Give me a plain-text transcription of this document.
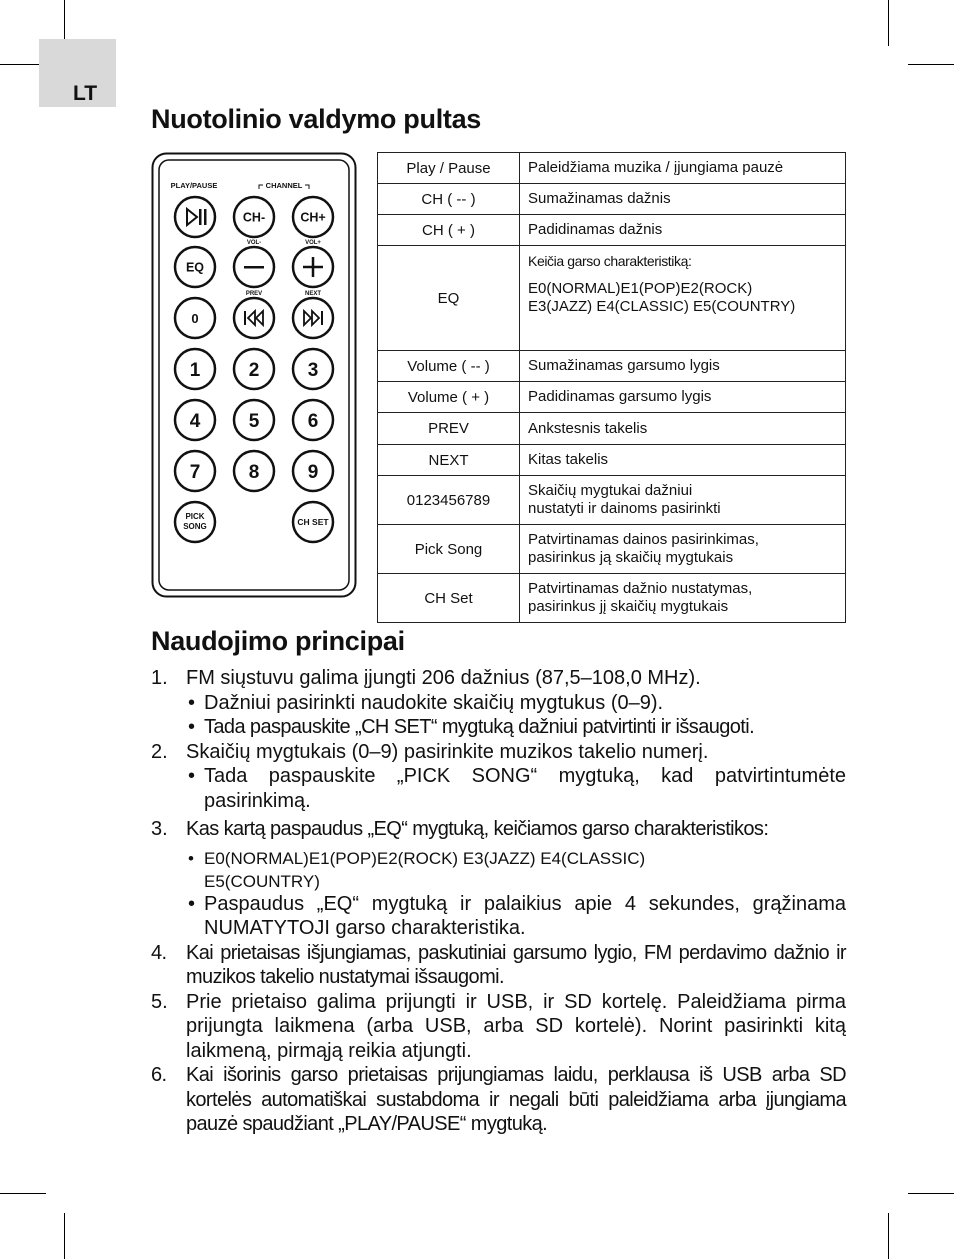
LT
Nuotolinio valdymo pultas
PLAY/PAUSE	CHANNEL
CH-	CH+
VOL-	VOL+
EQ
PREV	NEXT
0
1	2	3
4	5	6
7	8	9
PICK
SONG	CH SET
Play / Pause	Paleidžiama muzika / įjungiama pauzė
CH ( -- )	Sumažinamas dažnis
CH ( + )	Padidinamas dažnis
EQ	Keičia garso charakteristiką:
E0(NORMAL)E1(POP)E2(ROCK)
E3(JAZZ) E4(CLASSIC) E5(COUNTRY)

Volume ( -- )	Sumažinamas garsumo lygis
Volume ( + )	Padidinamas garsumo lygis
PREV	Ankstesnis takelis
NEXT	Kitas takelis
0123456789	Skaičių mygtukai dažniui
nustatyti ir dainoms pasirinkti

Pick Song	Patvirtinamas dainos pasirinkimas,
pasirinkus ją skaičių mygtukais

CH Set	Patvirtinamas dažnio nustatymas,
pasirinkus jį skaičių mygtukais
Naudojimo principai
1. FM siųstuvu galima įjungti 206 dažnius (87,5–108,0 MHz).
• Dažniui pasirinkti naudokite skaičių mygtukus (0–9).
• Tada paspauskite „CH SET“ mygtuką dažniui patvirtinti ir išsaugoti.
2. Skaičių mygtukais (0–9) pasirinkite muzikos takelio numerį.
• Tada paspauskite „PICK SONG“ mygtuką, kad patvirtintumėte pasirinkimą.
3. Kas kartą paspaudus „EQ“ mygtuką, keičiamos garso charakteristikos:
• E0(NORMAL)E1(POP)E2(ROCK) E3(JAZZ) E4(CLASSIC)
E5(COUNTRY)
• Paspaudus „EQ“ mygtuką ir palaikius apie 4 sekundes, grąžinama NUMATYTOJI garso charakteristika.
4. Kai prietaisas išjungiamas, paskutiniai garsumo lygio, FM perdavimo dažnio ir muzikos takelio nustatymai išsaugomi.
5. Prie prietaiso galima prijungti ir USB, ir SD kortelę. Paleidžiama pirma prijungta laikmena (arba USB, arba SD kortelė). Norint pasirinkti kitą laikmeną, pirmąją reikia atjungti.
6. Kai išorinis garso prietaisas prijungiamas laidu, perklausa iš USB arba SD kortelės automatiškai sustabdoma ir negali būti paleidžiama arba įjungiama pauzė spaudžiant „PLAY/PAUSE“ mygtuką.
